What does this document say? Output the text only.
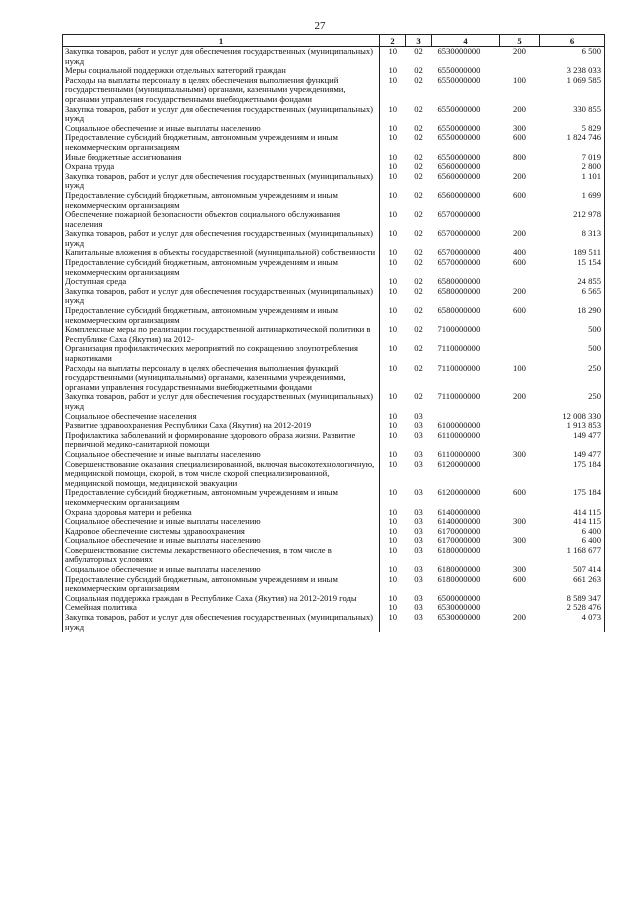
27
1	2	3	4	5	6
Закупка товаров, работ и услуг для обеспечения государственных (муниципальных) нужд	10	02	6530000000	200	6 500
Меры социальной поддержки отдельных категорий граждан	10	02	6550000000		3 238 033
Расходы на выплаты персоналу в целях обеспечения выполнения функций государственными (муниципальными) органами, казенными учреждениями, органами управления государственными внебюджетными фондами	10	02	6550000000	100	1 069 585
Закупка товаров, работ и услуг для обеспечения государственных (муниципальных) нужд	10	02	6550000000	200	330 855
Социальное обеспечение и иные выплаты населению	10	02	6550000000	300	5 829
Предоставление субсидий бюджетным, автономным учреждениям и иным некоммерческим организациям	10	02	6550000000	600	1 824 746
Иные бюджетные ассигнования	10	02	6550000000	800	7 019
Охрана труда	10	02	6560000000		2 800
Закупка товаров, работ и услуг для обеспечения государственных (муниципальных) нужд	10	02	6560000000	200	1 101
Предоставление субсидий бюджетным, автономным учреждениям и иным некоммерческим организациям	10	02	6560000000	600	1 699
Обеспечение пожарной безопасности объектов социального обслуживания населения	10	02	6570000000		212 978
Закупка товаров, работ и услуг для обеспечения государственных (муниципальных) нужд	10	02	6570000000	200	8 313
Капитальные вложения в объекты государственной (муниципальной) собственности	10	02	6570000000	400	189 511
Предоставление субсидий бюджетным, автономным учреждениям и иным некоммерческим организациям	10	02	6570000000	600	15 154
Доступная среда	10	02	6580000000		24 855
Закупка товаров, работ и услуг для обеспечения государственных (муниципальных) нужд	10	02	6580000000	200	6 565
Предоставление субсидий бюджетным, автономным учреждениям и иным некоммерческим организациям	10	02	6580000000	600	18 290
Комплексные меры по реализации государственной антинаркотической политики в Республике Саха (Якутия) на 2012-	10	02	7100000000		500
Организация профилактических мероприятий по сокращению злоупотребления наркотиками	10	02	7110000000		500
Расходы на выплаты персоналу в целях обеспечения выполнения функций государственными (муниципальными) органами, казенными учреждениями, органами управления государственными внебюджетными фондами	10	02	7110000000	100	250
Закупка товаров, работ и услуг для обеспечения государственных (муниципальных) нужд	10	02	7110000000	200	250
Социальное обеспечение населения	10	03			12 008 330
Развитие здравоохранения Республики Саха (Якутия) на 2012-2019	10	03	6100000000		1 913 853
Профилактика заболеваний и формирование здорового образа жизни. Развитие первичной медико-санитарной помощи	10	03	6110000000		149 477
Социальное обеспечение и иные выплаты населению	10	03	6110000000	300	149 477
Совершенствование оказания специализированной, включая высокотехнологичную, медицинской помощи, скорой, в том числе скорой специализированной, медицинской помощи, медицинской эвакуации	10	03	6120000000		175 184
Предоставление субсидий бюджетным, автономным учреждениям и иным некоммерческим организациям	10	03	6120000000	600	175 184
Охрана здоровья матери и ребенка	10	03	6140000000		414 115
Социальное обеспечение и иные выплаты населению	10	03	6140000000	300	414 115
Кадровое обеспечение системы здравоохранения	10	03	6170000000		6 400
Социальное обеспечение и иные выплаты населению	10	03	6170000000	300	6 400
Совершенствование системы лекарственного обеспечения, в том числе в амбулаторных условиях	10	03	6180000000		1 168 677
Социальное обеспечение и иные выплаты населению	10	03	6180000000	300	507 414
Предоставление субсидий бюджетным, автономным учреждениям и иным некоммерческим организациям	10	03	6180000000	600	661 263
Социальная поддержка граждан в Республике Саха (Якутия) на 2012-2019 годы	10	03	6500000000		8 589 347
Семейная политика	10	03	6530000000		2 528 476
Закупка товаров, работ и услуг для обеспечения государственных (муниципальных) нужд	10	03	6530000000	200	4 073
